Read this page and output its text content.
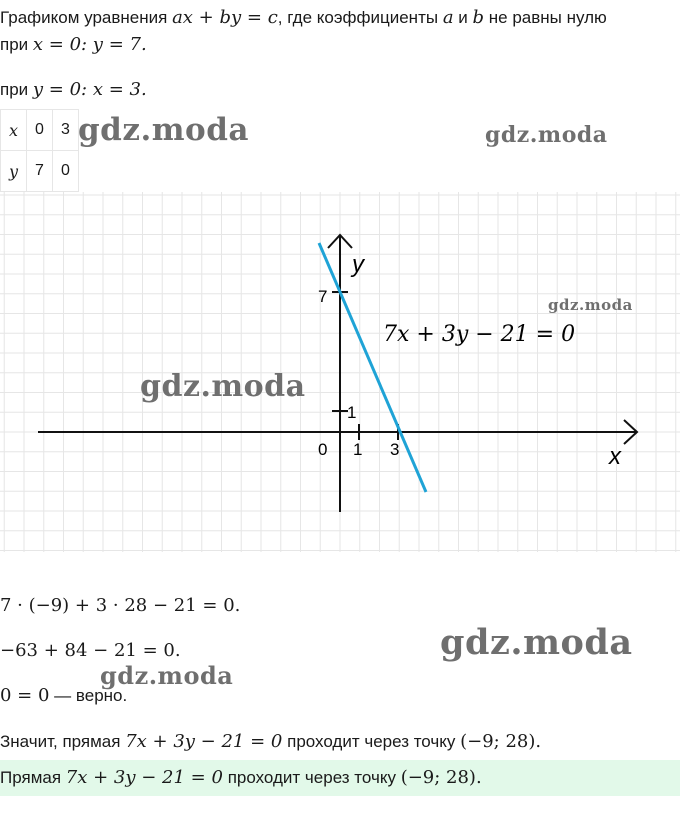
Графиком уравнения ax + by = c, где коэффициенты a и b не равны нулю
при x = 0: y = 7.
при y = 0: x = 3.
x	0	3
y	7	0
y
x
7
1
0 1 3
7x + 3y − 21 = 0
7 · (−9) + 3 · 28 − 21 = 0.
−63 + 84 − 21 = 0.
0 = 0 — верно.
Значит, прямая 7x + 3y − 21 = 0 проходит через точку (−9; 28).
Прямая 7x + 3y − 21 = 0 проходит через точку (−9; 28).
gdz.moda	gdz.moda
gdz.moda
gdz.moda
gdz.moda
gdz.moda
